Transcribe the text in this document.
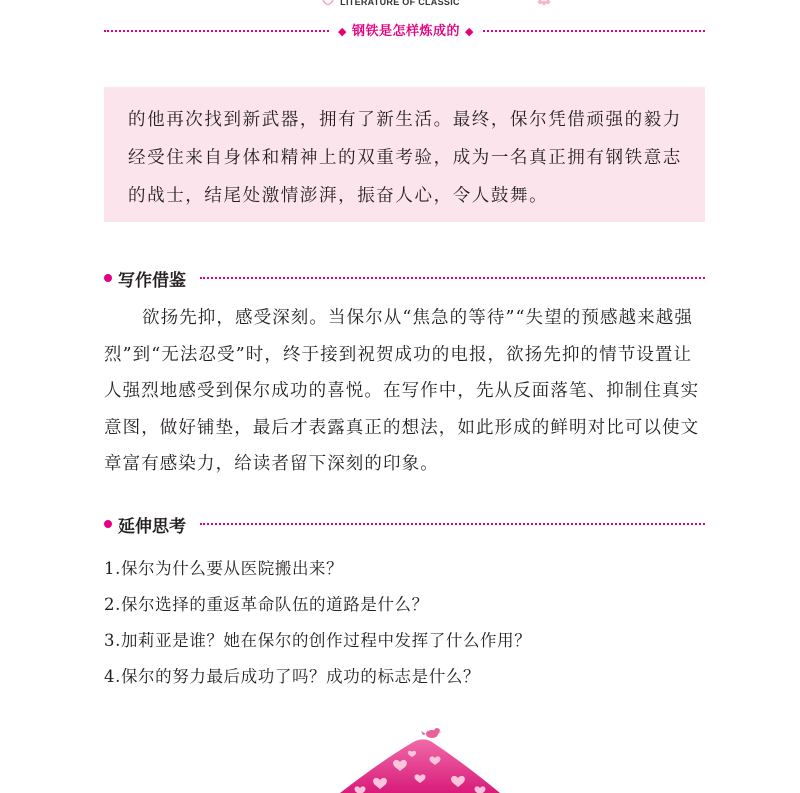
LITERATURE OF CLASSIC
◆ 钢铁是怎样炼成的 ◆

的他再次找到新武器，拥有了新生活。最终，保尔凭借顽强的毅力经受住来自身体和精神上的双重考验，成为一名真正拥有钢铁意志的战士，结尾处激情澎湃，振奋人心，令人鼓舞。

写作借鉴

欲扬先抑，感受深刻。当保尔从“焦急的等待”“失望的预感越来越强烈”到“无法忍受”时，终于接到祝贺成功的电报，欲扬先抑的情节设置让人强烈地感受到保尔成功的喜悦。在写作中，先从反面落笔、抑制住真实意图，做好铺垫，最后才表露真正的想法，如此形成的鲜明对比可以使文章富有感染力，给读者留下深刻的印象。

延伸思考
1.保尔为什么要从医院搬出来？
2.保尔选择的重返革命队伍的道路是什么？
3.加莉亚是谁？她在保尔的创作过程中发挥了什么作用？
4.保尔的努力最后成功了吗？成功的标志是什么？
